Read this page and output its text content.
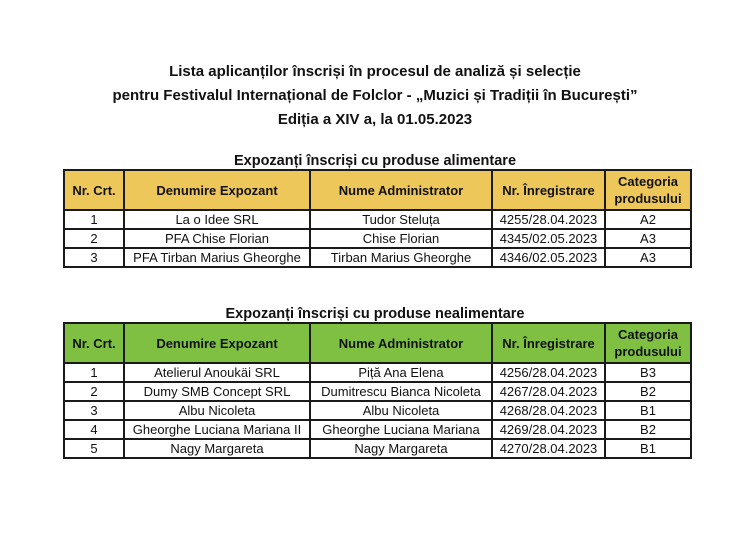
Lista aplicanților înscriși în procesul de analiză și selecție
pentru Festivalul Internațional de Folclor - „Muzici și Tradiții în București”
Ediția a XIV a, la 01.05.2023

Expozanți înscriși cu produse alimentare

Nr. Crt.	Denumire Expozant	Nume Administrator	Nr. Înregistrare	Categoria produsului
1	La o Idee SRL	Tudor Steluța	4255/28.04.2023	A2
2	PFA Chise Florian	Chise Florian	4345/02.05.2023	A3
3	PFA Tirban Marius Gheorghe	Tirban Marius Gheorghe	4346/02.05.2023	A3

Expozanți înscriși cu produse nealimentare

Nr. Crt.	Denumire Expozant	Nume Administrator	Nr. Înregistrare	Categoria produsului
1	Atelierul Anoukäi SRL	Piță Ana Elena	4256/28.04.2023	B3
2	Dumy SMB Concept SRL	Dumitrescu Bianca Nicoleta	4267/28.04.2023	B2
3	Albu Nicoleta	Albu Nicoleta	4268/28.04.2023	B1
4	Gheorghe Luciana Mariana II	Gheorghe Luciana Mariana	4269/28.04.2023	B2
5	Nagy Margareta	Nagy Margareta	4270/28.04.2023	B1
